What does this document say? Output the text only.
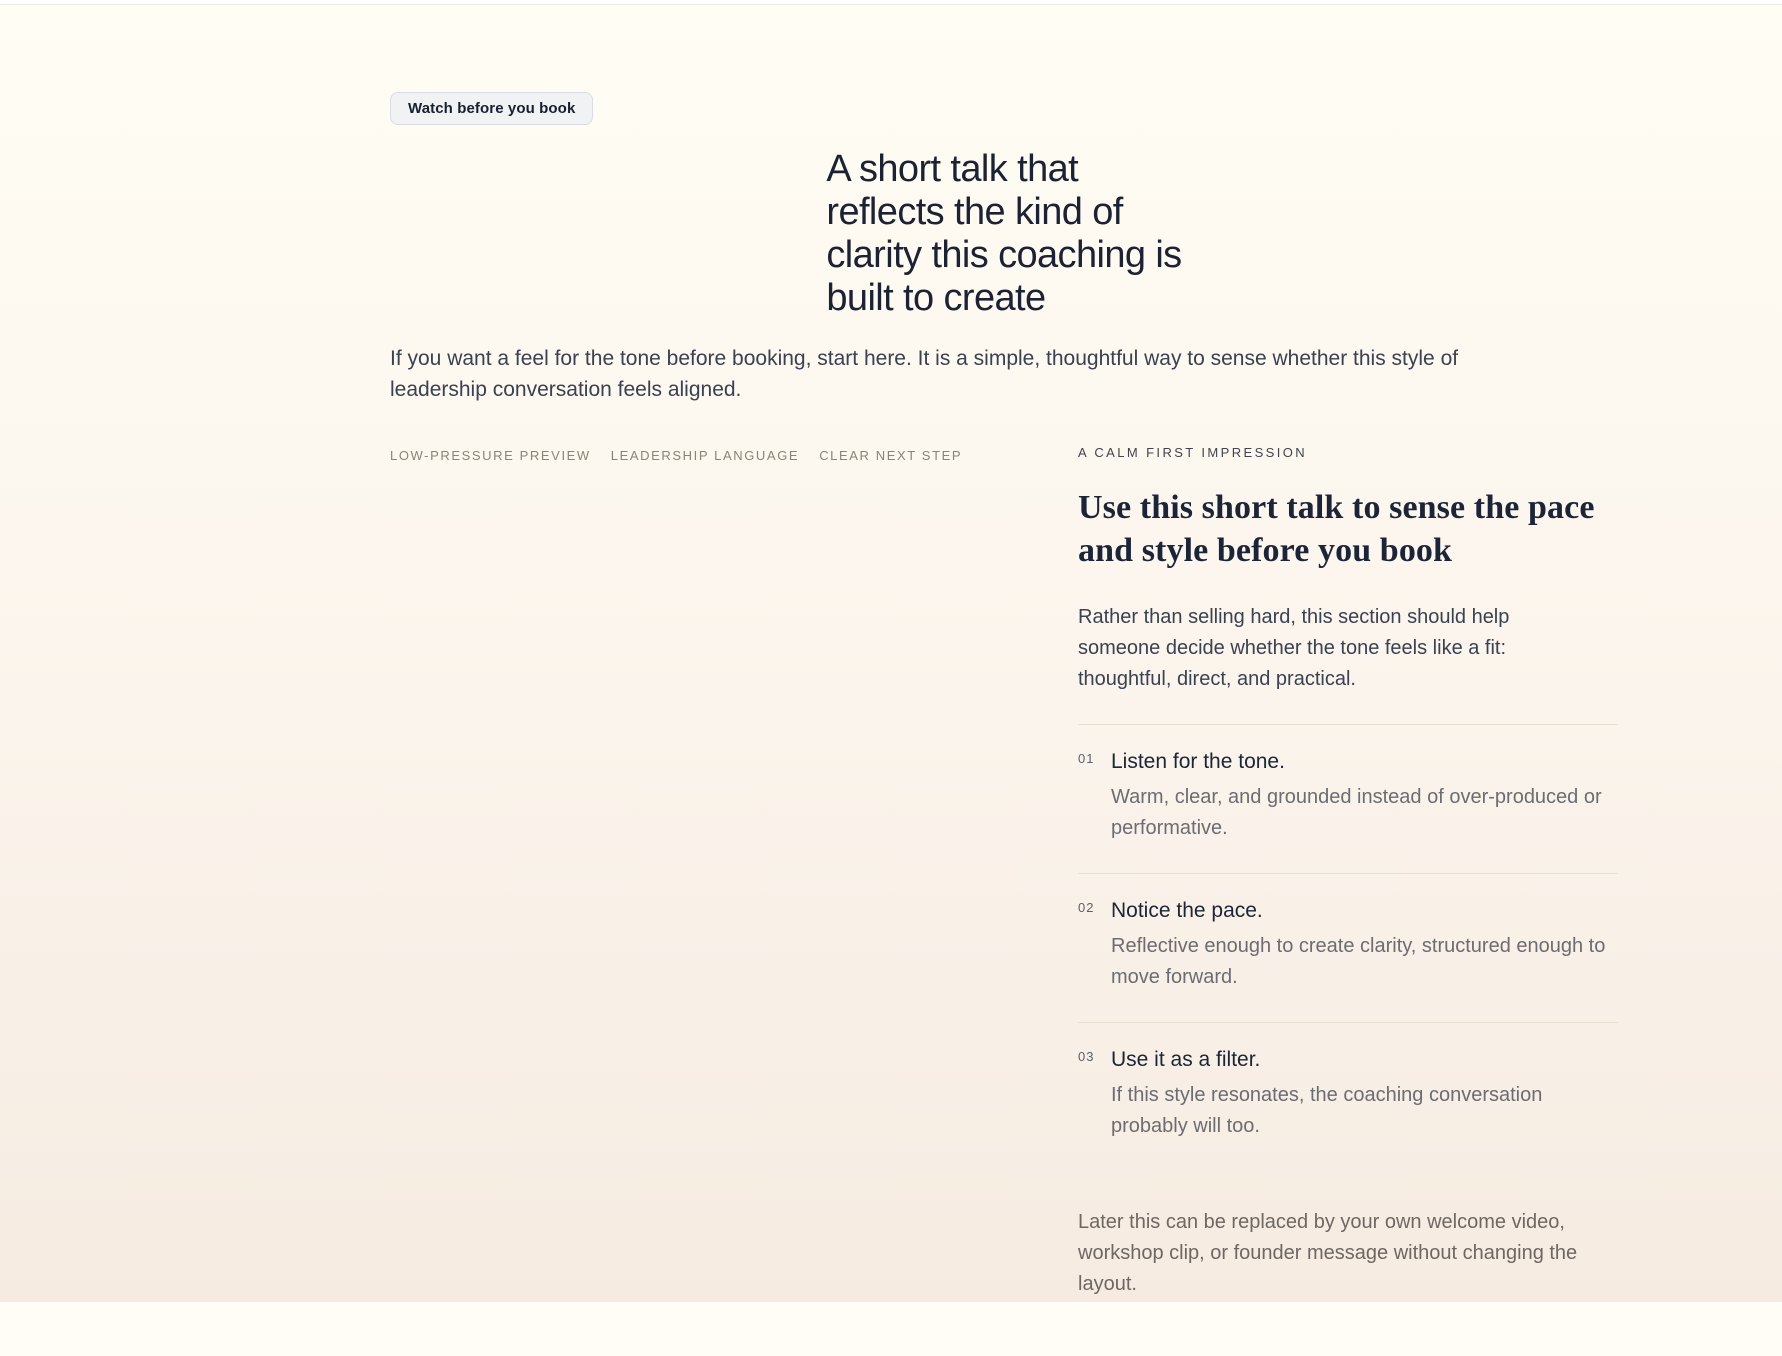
Watch before you book
A short talk that
reflects the kind of
clarity this coaching is
built to create

If you want a feel for the tone before booking, start here. It is a simple, thoughtful way to sense whether this style of leadership conversation feels aligned.

LOW-PRESSURE PREVIEW LEADERSHIP LANGUAGE CLEAR NEXT STEP	A CALM FIRST IMPRESSION
Use this short talk to sense the pace and style before you book

Rather than selling hard, this section should help someone decide whether the tone feels like a fit: thoughtful, direct, and practical.

01 Listen for the tone.
Warm, clear, and grounded instead of over-produced or performative.
02 Notice the pace.
Reflective enough to create clarity, structured enough to move forward.
03 Use it as a filter.
If this style resonates, the coaching conversation probably will too.

Later this can be replaced by your own welcome video, workshop clip, or founder message without changing the layout.
